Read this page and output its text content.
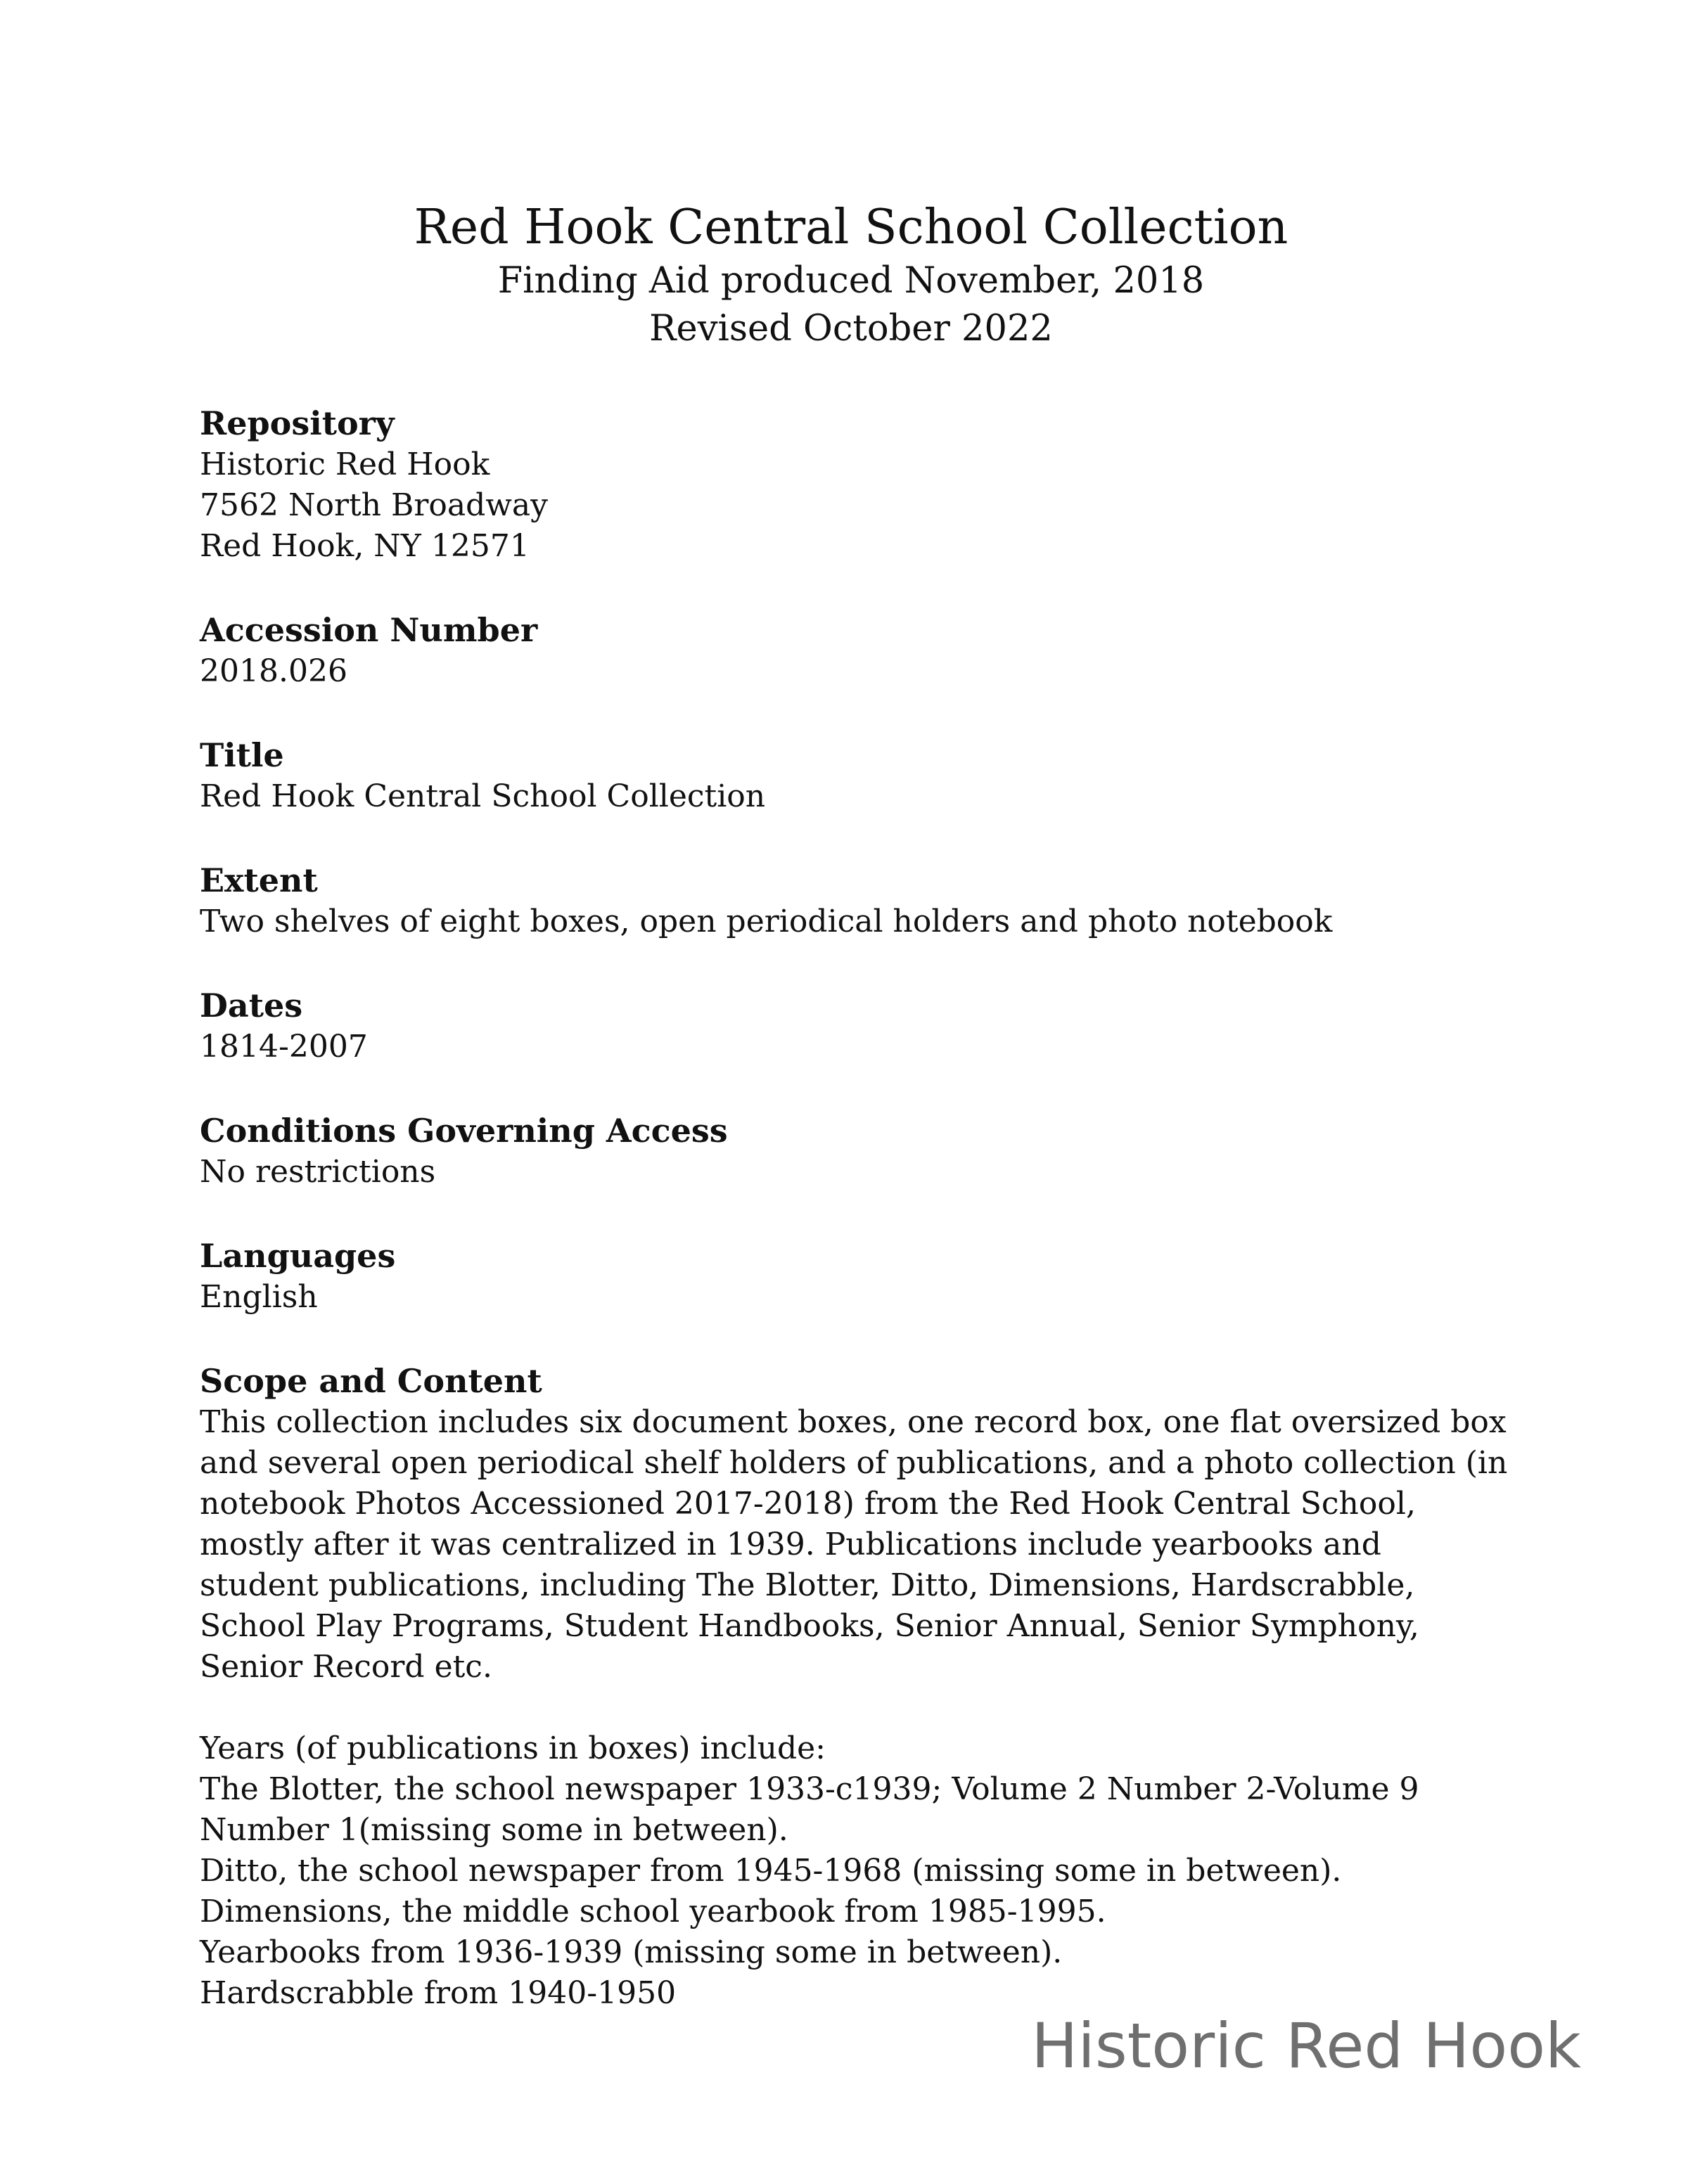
Red Hook Central School Collection

Finding Aid produced November, 2018

Revised October 2022

Repository

Historic Red Hook

7562 North Broadway

Red Hook, NY 12571

Accession Number

2018.026

Title

Red Hook Central School Collection

Extent

Two shelves of eight boxes, open periodical holders and photo notebook

Dates

1814-2007

Conditions Governing Access

No restrictions

Languages

English

Scope and Content

This collection includes six document boxes, one record box, one flat oversized box and several open periodical shelf holders of publications, and a photo collection (in notebook Photos Accessioned 2017-2018) from the Red Hook Central School, mostly after it was centralized in 1939. Publications include yearbooks and student publications, including The Blotter, Ditto, Dimensions, Hardscrabble, School Play Programs, Student Handbooks, Senior Annual, Senior Symphony, Senior Record etc.

Years (of publications in boxes) include:

The Blotter, the school newspaper 1933-c1939; Volume 2 Number 2-Volume 9 Number 1(missing some in between).

Ditto, the school newspaper from 1945-1968 (missing some in between).

Dimensions, the middle school yearbook from 1985-1995.

Yearbooks from 1936-1939 (missing some in between).

Hardscrabble from 1940-1950

Historic Red Hook
